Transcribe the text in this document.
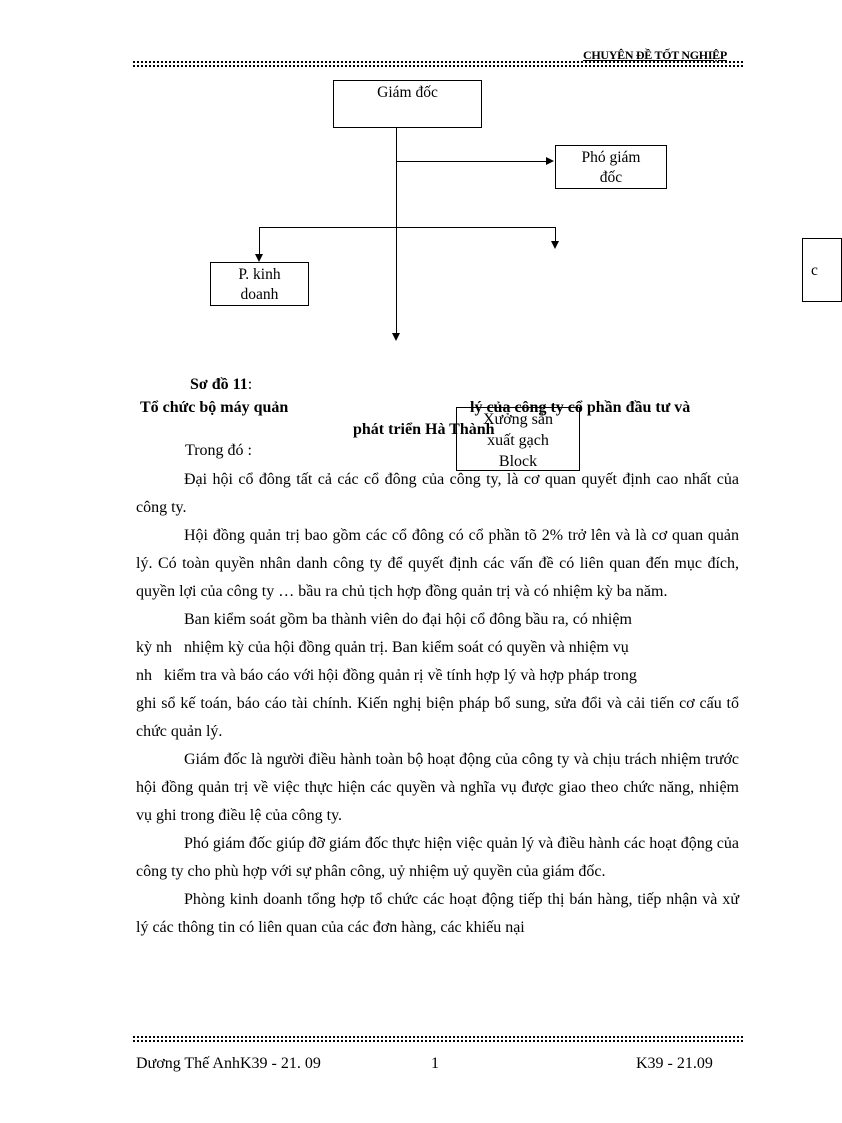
CHUYÊN ĐỀ TỐT NGHIỆP
Giám đốc
Phó giám
đốc
P. kinh
doanh
c
Sơ đồ 11:
Tổ chức bộ máy quản	lý của công ty cổ phần đầu tư và
phát triển Hà Thành
Xưởng sản
xuất gạch
Block
Trong đó :

Đại hội cổ đông tất cả các cổ đông của công ty, là cơ quan quyết định cao nhất của công ty.

Hội đồng quản trị bao gồm các cổ đông có cổ phần tõ 2% trở lên và là cơ quan quản lý. Có toàn quyền nhân danh công ty để quyết định các vấn đề có liên quan đến mục đích, quyền lợi của công ty … bầu ra chủ tịch hợp đồng quản trị và có nhiệm kỳ ba năm.

Ban kiểm soát gồm ba thành viên do đại hội cổ đông bầu ra, có nhiệm

kỳ nh   nhiệm kỳ của hội đồng quản trị. Ban kiểm soát có quyền và nhiệm vụ

nh   kiểm tra và báo cáo với hội đồng quản rị về tính hợp lý và hợp pháp trong

ghi sổ kế toán, báo cáo tài chính. Kiến nghị biện pháp bổ sung, sửa đổi và cải tiến cơ cấu tổ chức quản lý.

Giám đốc là người điều hành toàn bộ hoạt động của công ty và chịu trách nhiệm trước hội đồng quản trị về việc thực hiện các quyền và nghĩa vụ được giao theo chức năng, nhiệm vụ ghi trong điều lệ của công ty.

Phó giám đốc giúp đỡ giám đốc thực hiện việc quản lý và điều hành các hoạt động của công ty cho phù hợp với sự phân công, uỷ nhiệm uỷ quyền của giám đốc.

Phòng kinh doanh tổng hợp tổ chức các hoạt động tiếp thị bán hàng, tiếp nhận và xử lý các thông tin có liên quan của các đơn hàng, các khiếu nại

Dương Thế AnhK39 - 21. 09	1	K39 - 21.09
